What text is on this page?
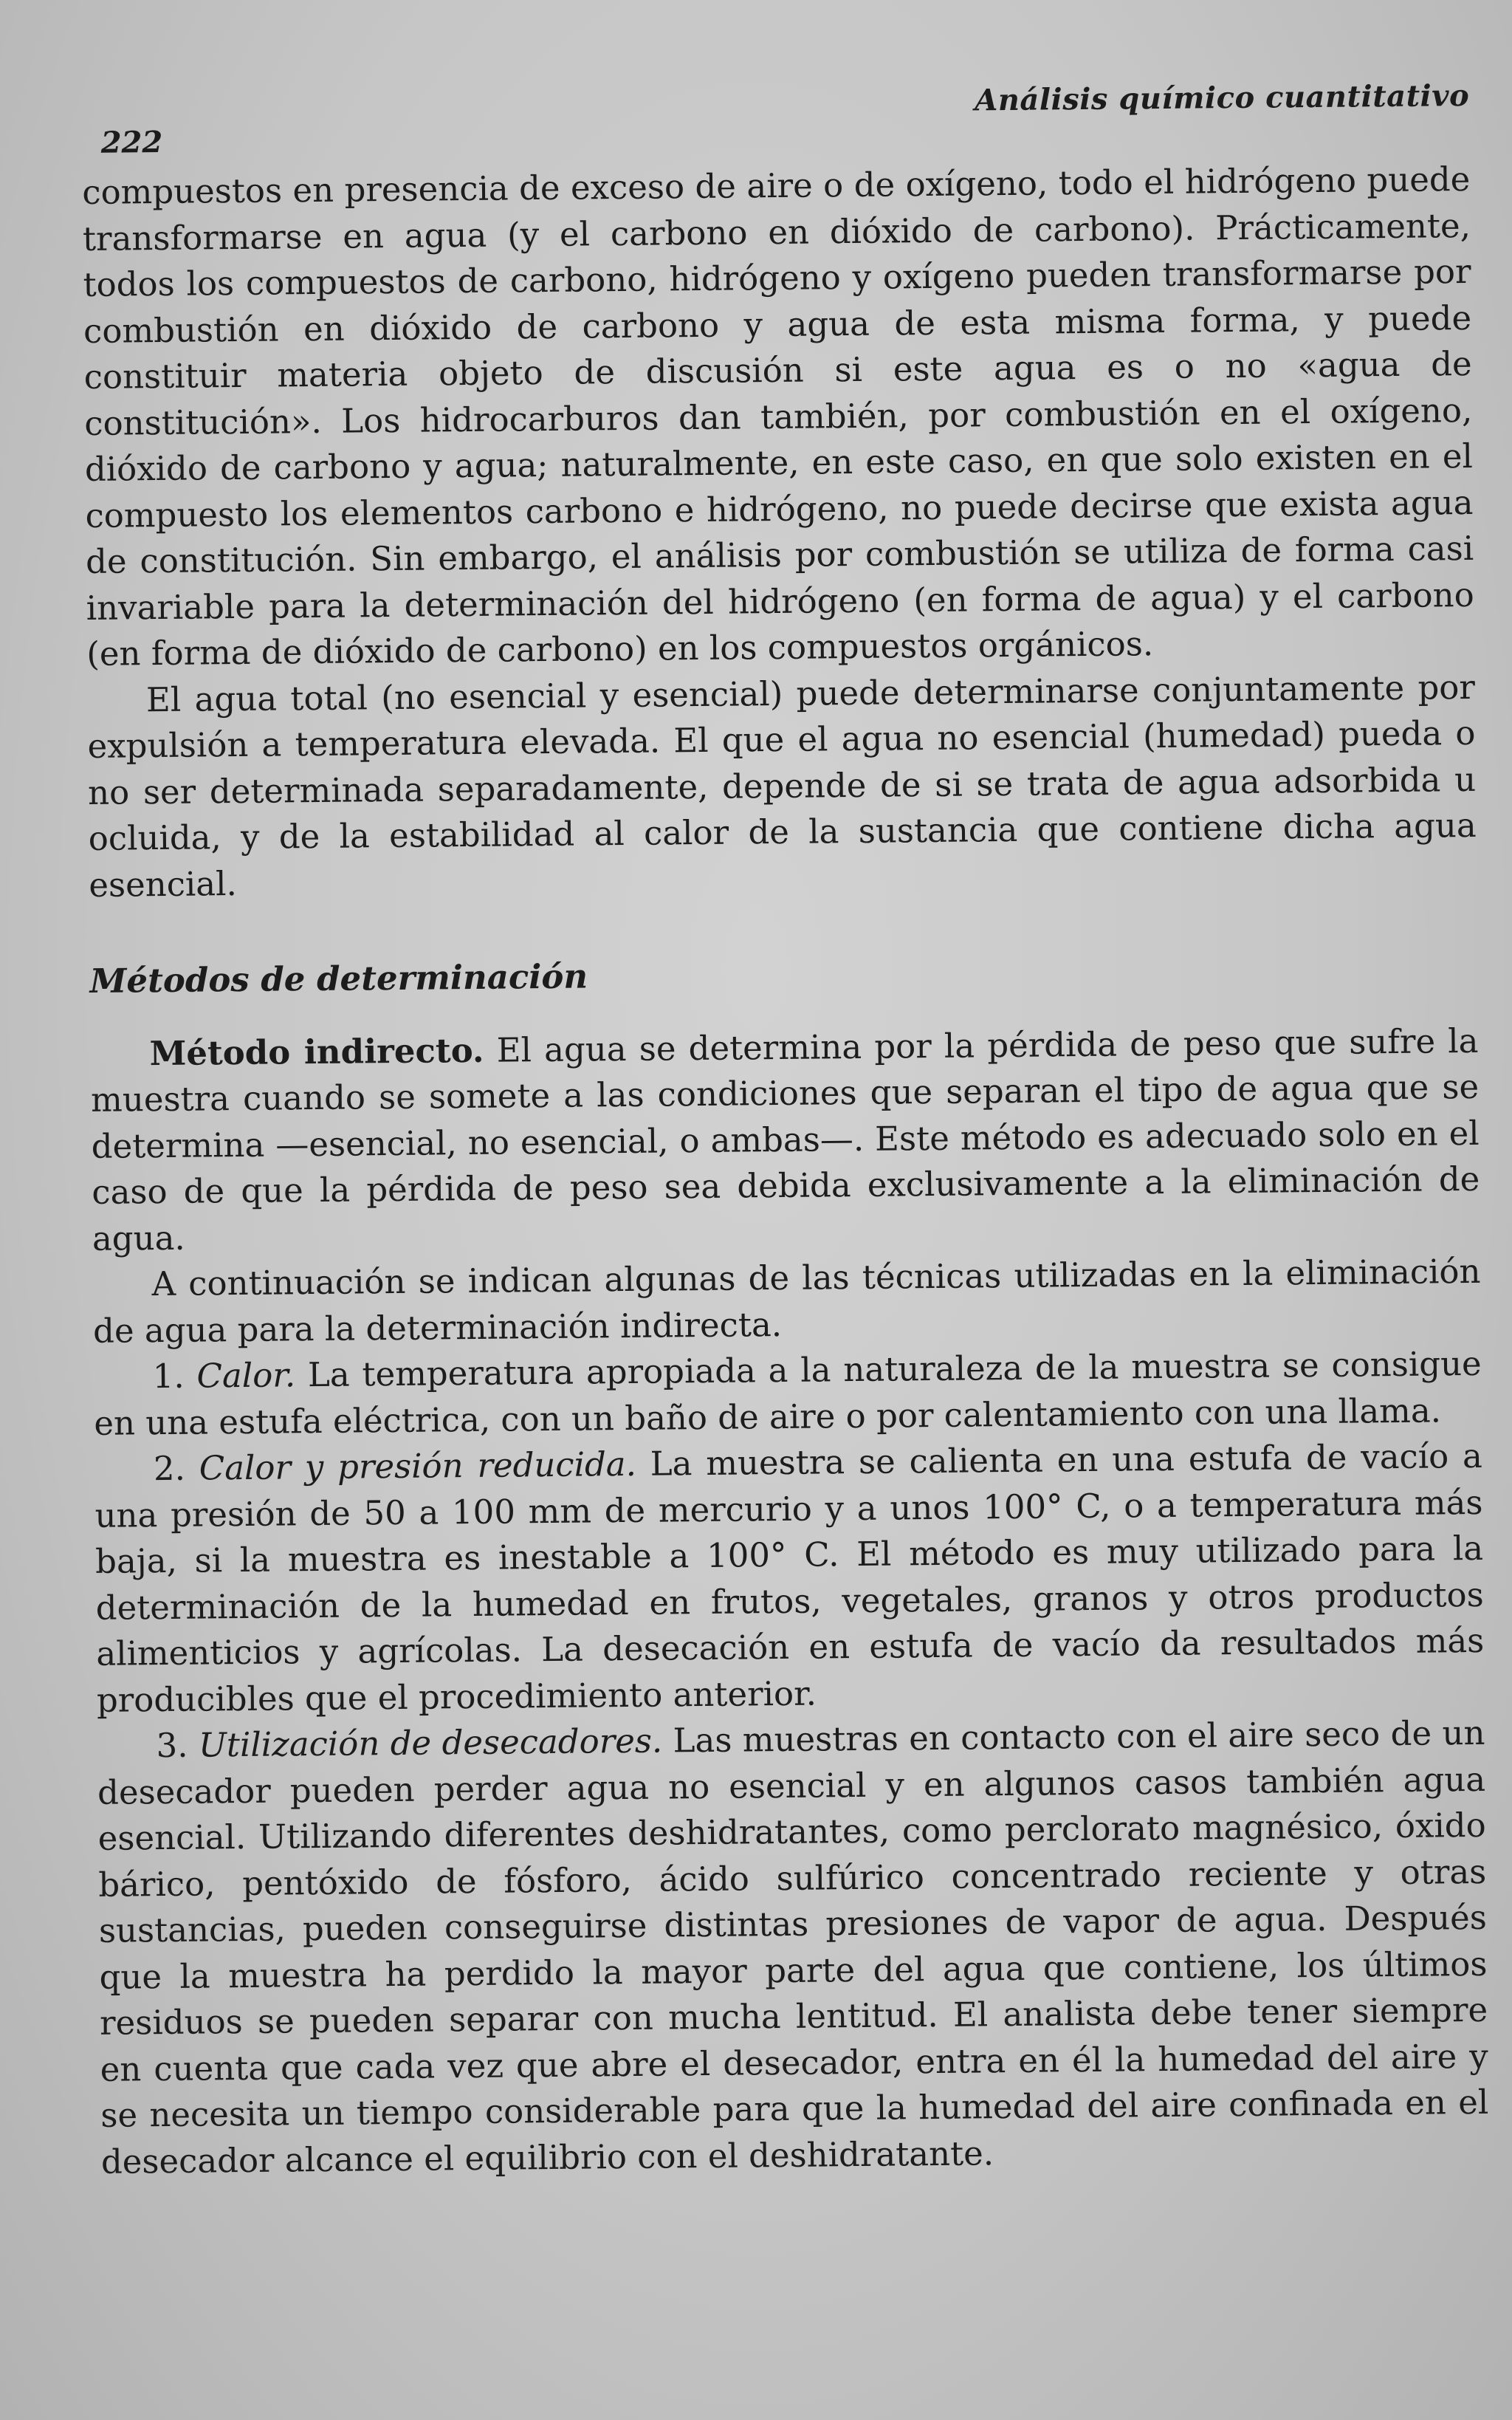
222
Análisis químico cuantitativo

compuestos en presencia de exceso de aire o de oxígeno, todo el hidrógeno puede transformarse en agua (y el carbono en dióxido de carbono). Prácticamente, todos los compuestos de carbono, hidrógeno y oxígeno pueden transformarse por combustión en dióxido de carbono y agua de esta misma forma, y puede constituir materia objeto de discusión si este agua es o no «agua de constitución». Los hidrocarburos dan también, por combustión en el oxígeno, dióxido de carbono y agua; naturalmente, en este caso, en que solo existen en el compuesto los elementos carbono e hidrógeno, no puede decirse que exista agua de constitución. Sin embargo, el análisis por combustión se utiliza de forma casi invariable para la determinación del hidrógeno (en forma de agua) y el carbono (en forma de dióxido de carbono) en los compuestos orgánicos.

El agua total (no esencial y esencial) puede determinarse conjuntamente por expulsión a temperatura elevada. El que el agua no esencial (humedad) pueda o no ser determinada separadamente, depende de si se trata de agua adsorbida u ocluida, y de la estabilidad al calor de la sustancia que contiene dicha agua esencial.

Métodos de determinación

Método indirecto. El agua se determina por la pérdida de peso que sufre la muestra cuando se somete a las condiciones que separan el tipo de agua que se determina —esencial, no esencial, o ambas—. Este método es adecuado solo en el caso de que la pérdida de peso sea debida exclusivamente a la eliminación de agua.

A continuación se indican algunas de las técnicas utilizadas en la eliminación de agua para la determinación indirecta.

1. Calor. La temperatura apropiada a la naturaleza de la muestra se consigue en una estufa eléctrica, con un baño de aire o por calentamiento con una llama.

2. Calor y presión reducida. La muestra se calienta en una estufa de vacío a una presión de 50 a 100 mm de mercurio y a unos 100° C, o a temperatura más baja, si la muestra es inestable a 100° C. El método es muy utilizado para la determinación de la humedad en frutos, vegetales, granos y otros productos alimenticios y agrícolas. La desecación en estufa de vacío da resultados más producibles que el procedimiento anterior.

3. Utilización de desecadores. Las muestras en contacto con el aire seco de un desecador pueden perder agua no esencial y en algunos casos también agua esencial. Utilizando diferentes deshidratantes, como perclorato magnésico, óxido bárico, pentóxido de fósforo, ácido sulfúrico concentrado reciente y otras sustancias, pueden conseguirse distintas presiones de vapor de agua. Después que la muestra ha perdido la mayor parte del agua que contiene, los últimos residuos se pueden separar con mucha lentitud. El analista debe tener siempre en cuenta que cada vez que abre el desecador, entra en él la humedad del aire y se necesita un tiempo considerable para que la humedad del aire confinada en el desecador alcance el equilibrio con el deshidratante.
